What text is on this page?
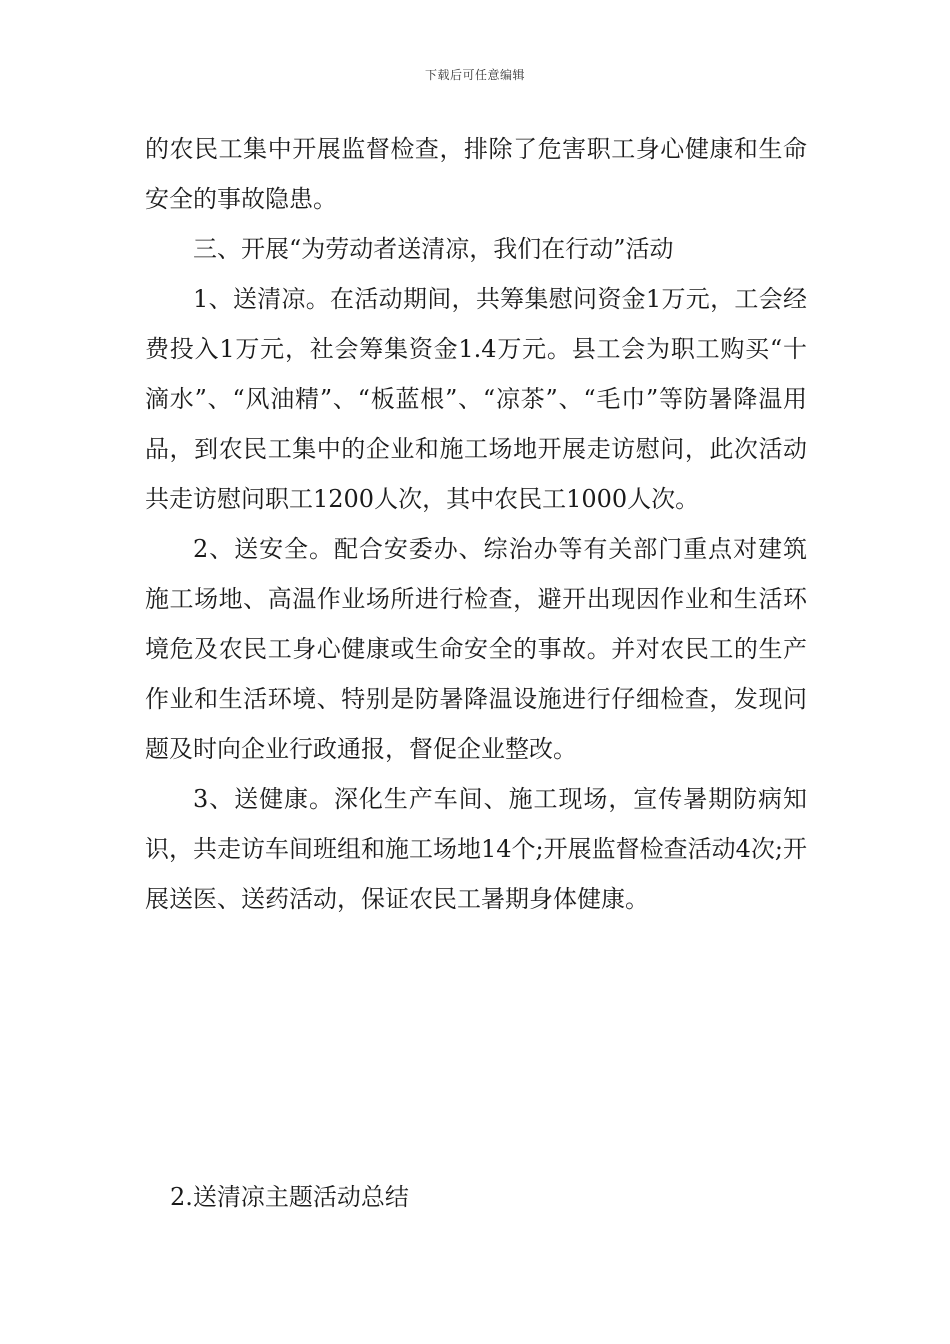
下载后可任意编辑

的农民工集中开展监督检查，排除了危害职工身心健康和生命安全的事故隐患。

三、开展“为劳动者送清凉，我们在行动”活动

1、送清凉。在活动期间，共筹集慰问资金1万元，工会经费投入1万元，社会筹集资金1.4万元。县工会为职工购买“十滴水”、“风油精”、“板蓝根”、“凉茶”、“毛巾”等防暑降温用品，到农民工集中的企业和施工场地开展走访慰问，此次活动共走访慰问职工1200人次，其中农民工1000人次。

2、送安全。配合安委办、综治办等有关部门重点对建筑施工场地、高温作业场所进行检查，避开出现因作业和生活环境危及农民工身心健康或生命安全的事故。并对农民工的生产作业和生活环境、特别是防暑降温设施进行仔细检查，发现问题及时向企业行政通报，督促企业整改。

3、送健康。深化生产车间、施工现场，宣传暑期防病知识，共走访车间班组和施工场地14个;开展监督检查活动4次;开展送医、送药活动，保证农民工暑期身体健康。

2.送清凉主题活动总结
